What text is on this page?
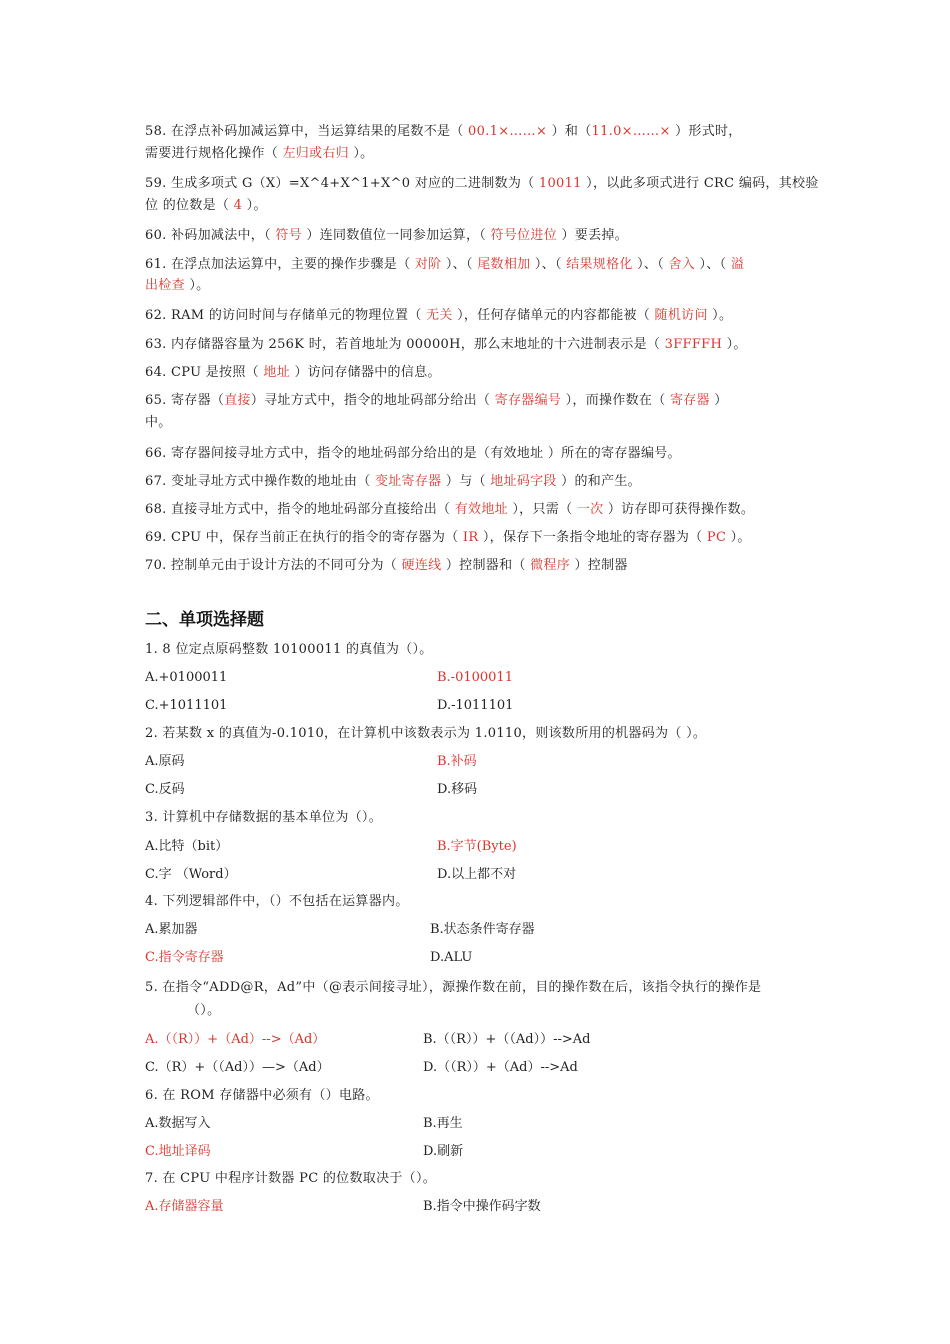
58. 在浮点补码加减运算中，当运算结果的尾数不是（ 00.1×……× ）和（11.0×……× ）形式时，
需要进行规格化操作（ 左归或右归 ）。
59. 生成多项式 G（X）=X^4+X^1+X^0 对应的二进制数为（ 10011 ），以此多项式进行 CRC 编码，其校验
位 的位数是（ 4 ）。
60. 补码加减法中，（ 符号 ）连同数值位一同参加运算，（ 符号位进位 ）要丢掉。
61. 在浮点加法运算中，主要的操作步骤是（ 对阶 ）、（ 尾数相加 ）、（ 结果规格化 ）、（ 舍入 ）、（ 溢
出检查 ）。
62. RAM 的访问时间与存储单元的物理位置（ 无关 ），任何存储单元的内容都能被（ 随机访问 ）。
63. 内存储器容量为 256K 时，若首地址为 00000H，那么末地址的十六进制表示是（ 3FFFFH ）。
64. CPU 是按照（ 地址 ）访问存储器中的信息。
65. 寄存器（直接）寻址方式中，指令的地址码部分给出（ 寄存器编号 ），而操作数在（ 寄存器 ）
中。
66. 寄存器间接寻址方式中，指令的地址码部分给出的是（有效地址 ）所在的寄存器编号。
67. 变址寻址方式中操作数的地址由（ 变址寄存器 ）与（ 地址码字段 ）的和产生。
68. 直接寻址方式中，指令的地址码部分直接给出（ 有效地址 ），只需（ 一次 ）访存即可获得操作数。
69. CPU 中，保存当前正在执行的指令的寄存器为（ IR ），保存下一条指令地址的寄存器为（ PC ）。
70. 控制单元由于设计方法的不同可分为（ 硬连线 ）控制器和（ 微程序 ）控制器
二、单项选择题
1. 8 位定点原码整数 10100011 的真值为（）。
A.+0100011	B.-0100011
C.+1011101	D.-1011101
2. 若某数 x 的真值为-0.1010，在计算机中该数表示为 1.0110，则该数所用的机器码为（ ）。
A.原码	B.补码
C.反码	D.移码
3. 计算机中存储数据的基本单位为（）。
A.比特（bit）	B.字节(Byte)
C.字 （Word）	D.以上都不对
4. 下列逻辑部件中，（）不包括在运算器内。
A.累加器	B.状态条件寄存器
C.指令寄存器	D.ALU
5. 在指令“ADD@R，Ad”中（@表示间接寻址），源操作数在前，目的操作数在后，该指令执行的操作是
（）。
A.（（R））+（Ad）-->（Ad）	B.（（R））+（（Ad））-->Ad
C.（R）+（（Ad））—>（Ad）	D.（（R））+（Ad）-->Ad
6. 在 ROM 存储器中必须有（）电路。
A.数据写入	B.再生
C.地址译码	D.刷新
7. 在 CPU 中程序计数器 PC 的位数取决于（）。
A.存储器容量	B.指令中操作码字数
